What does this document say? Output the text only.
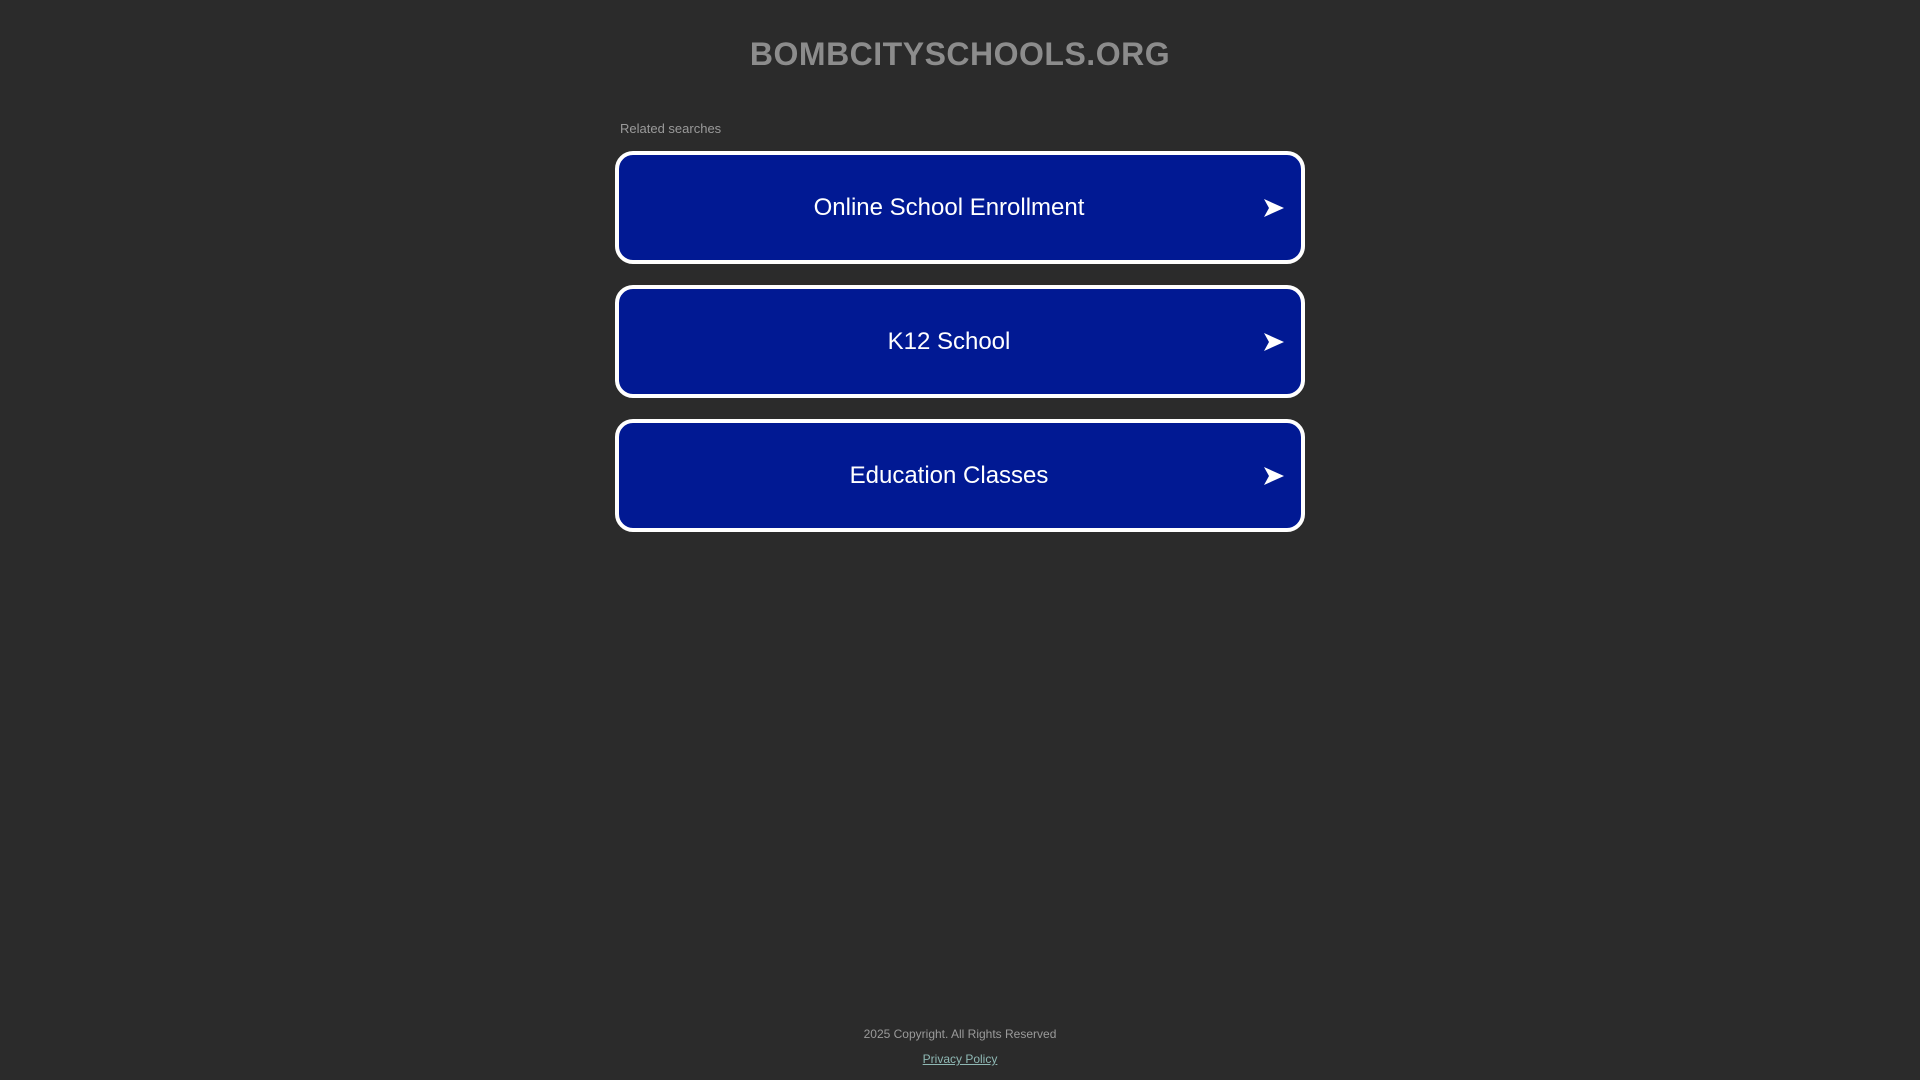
BOMBCITYSCHOOLS.ORG
Related searches
Online School Enrollment
K12 School
Education Classes
2025 Copyright. All Rights Reserved
Privacy Policy
